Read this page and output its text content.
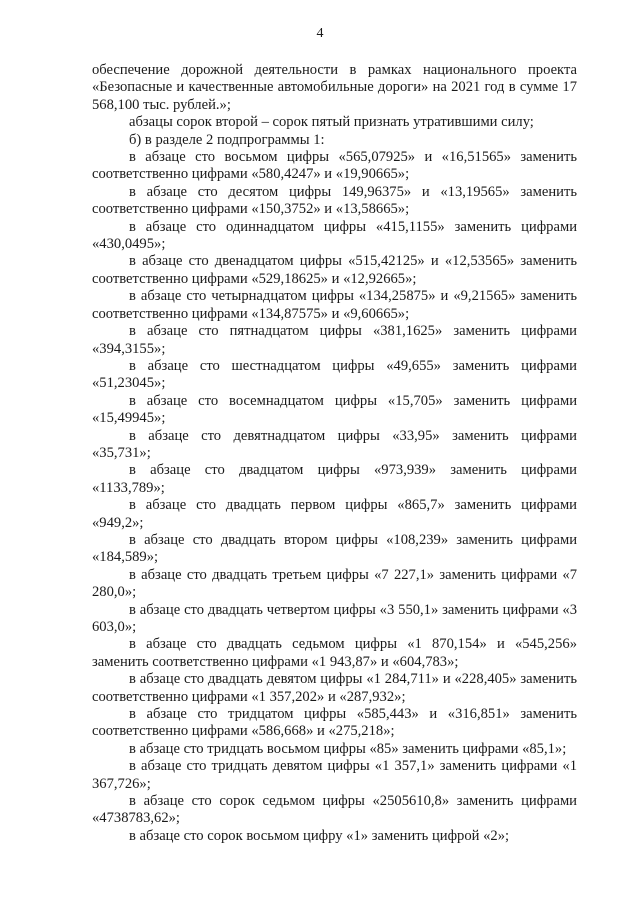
4

обеспечение дорожной деятельности в рамках национального проекта «Безопасные и качественные автомобильные дороги» на 2021 год в сумме 17 568,100 тыс. рублей.»;

абзацы сорок второй – сорок пятый признать утратившими силу;

б) в разделе 2 подпрограммы 1:

в абзаце сто восьмом цифры «565,07925» и «16,51565» заменить соответственно цифрами «580,4247» и «19,90665»;

в абзаце сто десятом цифры 149,96375» и «13,19565» заменить соответственно цифрами «150,3752» и «13,58665»;

в абзаце сто одиннадцатом цифры «415,1155» заменить цифрами «430,0495»;

в абзаце сто двенадцатом цифры «515,42125» и «12,53565» заменить соответственно цифрами «529,18625» и «12,92665»;

в абзаце сто четырнадцатом цифры «134,25875» и «9,21565» заменить соответственно цифрами «134,87575» и «9,60665»;

в абзаце сто пятнадцатом цифры «381,1625» заменить цифрами «394,3155»;

в абзаце сто шестнадцатом цифры «49,655» заменить цифрами «51,23045»;

в абзаце сто восемнадцатом цифры «15,705» заменить цифрами «15,49945»;

в абзаце сто девятнадцатом цифры «33,95» заменить цифрами «35,731»;

в абзаце сто двадцатом цифры «973,939» заменить цифрами «1133,789»;

в абзаце сто двадцать первом цифры «865,7» заменить цифрами «949,2»;

в абзаце сто двадцать втором цифры «108,239» заменить цифрами «184,589»;

в абзаце сто двадцать третьем цифры «7 227,1» заменить цифрами «7 280,0»;

в абзаце сто двадцать четвертом цифры «3 550,1» заменить цифрами «3 603,0»;

в абзаце сто двадцать седьмом цифры «1 870,154» и «545,256» заменить соответственно цифрами «1 943,87» и «604,783»;

в абзаце сто двадцать девятом цифры «1 284,711» и «228,405» заменить соответственно цифрами «1 357,202» и «287,932»;

в абзаце сто тридцатом цифры «585,443» и «316,851» заменить соответственно цифрами «586,668» и «275,218»;

в абзаце сто тридцать восьмом цифры «85» заменить цифрами «85,1»;

в абзаце сто тридцать девятом цифры «1 357,1» заменить цифрами «1 367,726»;

в абзаце сто сорок седьмом цифры «2505610,8» заменить цифрами «4738783,62»;

в абзаце сто сорок восьмом цифру «1» заменить цифрой «2»;
